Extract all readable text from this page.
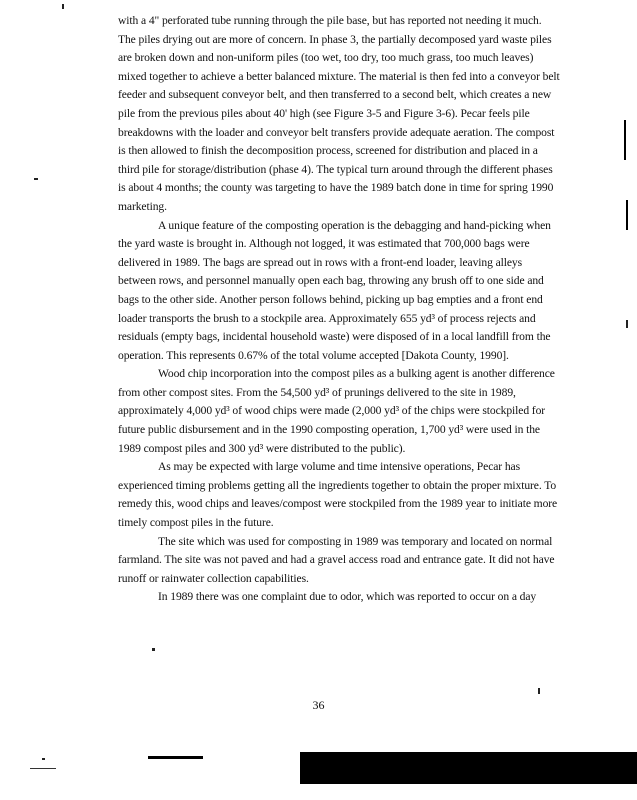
with a 4" perforated tube running through the pile base, but has reported not needing it much. The piles drying out are more of concern. In phase 3, the partially decomposed yard waste piles are broken down and non-uniform piles (too wet, too dry, too much grass, too much leaves) mixed together to achieve a better balanced mixture. The material is then fed into a conveyor belt feeder and subsequent conveyor belt, and then transferred to a second belt, which creates a new pile from the previous piles about 40' high (see Figure 3-5 and Figure 3-6). Pecar feels pile breakdowns with the loader and conveyor belt transfers provide adequate aeration. The compost is then allowed to finish the decomposition process, screened for distribution and placed in a third pile for storage/distribution (phase 4). The typical turn around through the different phases is about 4 months; the county was targeting to have the 1989 batch done in time for spring 1990 marketing.

A unique feature of the composting operation is the debagging and hand-picking when the yard waste is brought in. Although not logged, it was estimated that 700,000 bags were delivered in 1989. The bags are spread out in rows with a front-end loader, leaving alleys between rows, and personnel manually open each bag, throwing any brush off to one side and bags to the other side. Another person follows behind, picking up bag empties and a front end loader transports the brush to a stockpile area. Approximately 655 yd³ of process rejects and residuals (empty bags, incidental household waste) were disposed of in a local landfill from the operation. This represents 0.67% of the total volume accepted [Dakota County, 1990].

Wood chip incorporation into the compost piles as a bulking agent is another difference from other compost sites. From the 54,500 yd³ of prunings delivered to the site in 1989, approximately 4,000 yd³ of wood chips were made (2,000 yd³ of the chips were stockpiled for future public disbursement and in the 1990 composting operation, 1,700 yd³ were used in the 1989 compost piles and 300 yd³ were distributed to the public).

As may be expected with large volume and time intensive operations, Pecar has experienced timing problems getting all the ingredients together to obtain the proper mixture. To remedy this, wood chips and leaves/compost were stockpiled from the 1989 year to initiate more timely compost piles in the future.

The site which was used for composting in 1989 was temporary and located on normal farmland. The site was not paved and had a gravel access road and entrance gate. It did not have runoff or rainwater collection capabilities.

In 1989 there was one complaint due to odor, which was reported to occur on a day

36
